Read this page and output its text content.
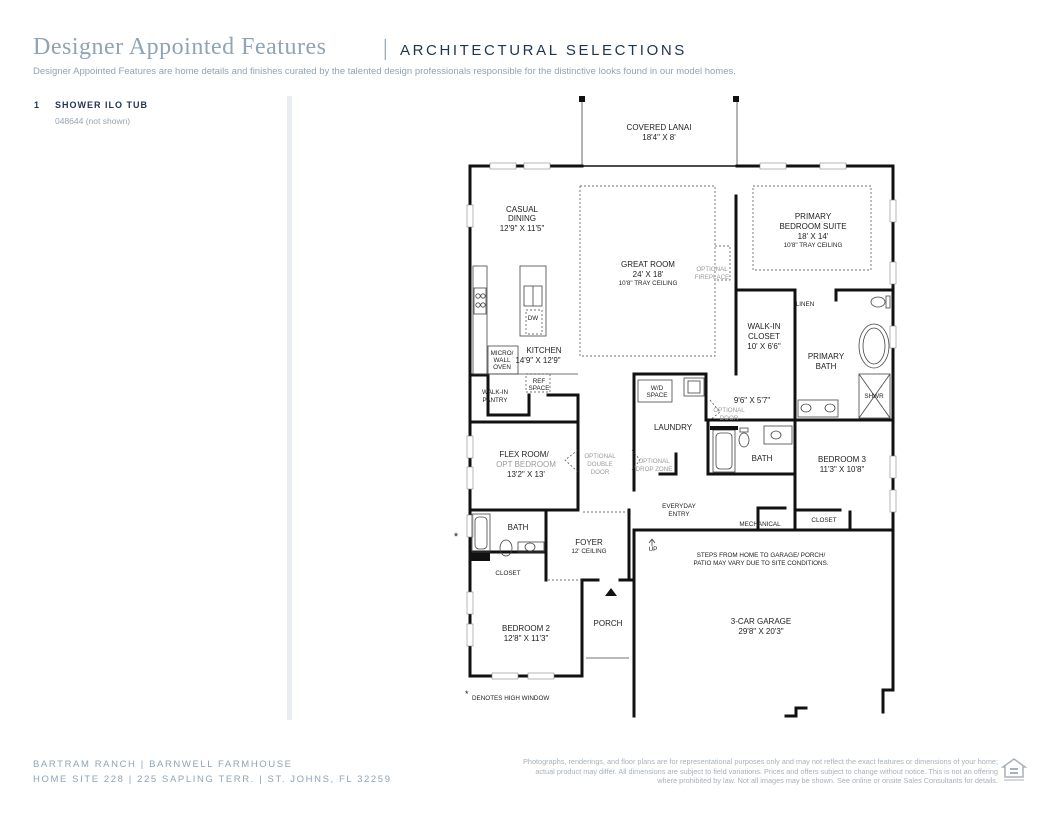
Designer Appointed Features | ARCHITECTURAL SELECTIONS
Designer Appointed Features are home details and finishes curated by the talented design professionals responsible for the distinctive looks found in our model homes.
1 SHOWER ILO TUB
048644 (not shown)
COVERED LANAI
18'4" X 8'
CASUAL
DINING
12'9" X 11'5"
GREAT ROOM
24' X 18'
10'8" TRAY CEILING
OPTIONAL
FIREPLACE
PRIMARY
BEDROOM SUITE
18' X 14'
10'8" TRAY CEILING
LINEN
WALK-IN
CLOSET
10' X 6'6"
PRIMARY
BATH
SHWR
DW
MICRO/
WALL
OVEN
KITCHEN
14'9" X 12'9"
REF
SPACE
WALK-IN
PANTRY
W/D
SPACE
9'6" X 5'7"
OPTIONAL
DOOR
LAUNDRY
BATH	BEDROOM 3
11'3" X 10'8"
FLEX ROOM/
OPT BEDROOM
13'2" X 13'
OPTIONAL
DOUBLE
DOOR
OPTIONAL
DROP ZONE
EVERYDAY
ENTRY
MECHANICAL
CLOSET
BATH
FOYER
12' CEILING	UP
STEPS FROM HOME TO GARAGE/ PORCH/
PATIO MAY VARY DUE TO SITE CONDITIONS.
CLOSET
BEDROOM 2
12'8" X 11'3"
PORCH	3-CAR GARAGE
29'8" X 20'3"
*
* DENOTES HIGH WINDOW
BARTRAM RANCH | BARNWELL FARMHOUSE
HOME SITE 228 | 225 SAPLING TERR. | ST. JOHNS, FL 32259
Photographs, renderings, and floor plans are for representational purposes only and may not reflect the exact features or dimensions of your home; actual product may differ. All dimensions are subject to field variations. Prices and offers subject to change without notice. This is not an offering where prohibited by law. Not all images may be shown. See online or onsite Sales Consultants for details.
